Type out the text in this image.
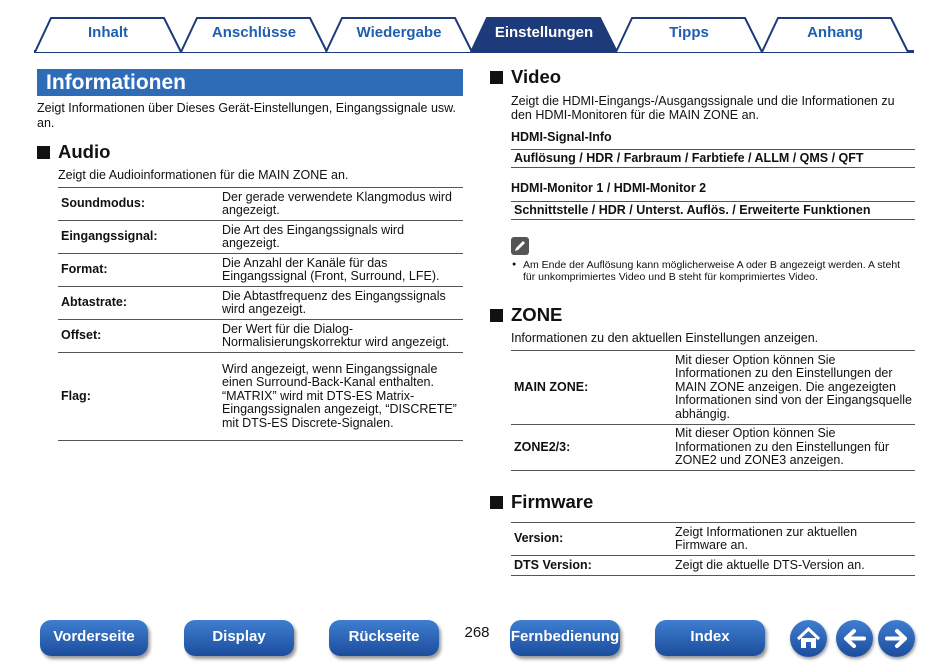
Inhalt	Anschlüsse	Wiedergabe	Einstellungen	Tipps	Anhang
Informationen

Zeigt Informationen über Dieses Gerät-Einstellungen, Eingangssignale usw. an.

Audio

Zeigt die Audioinformationen für die MAIN ZONE an.

Soundmodus:	Der gerade verwendete Klangmodus wird angezeigt.
Eingangssignal:	Die Art des Eingangssignals wird angezeigt.
Format:	Die Anzahl der Kanäle für das Eingangssignal (Front, Surround, LFE).
Abtastrate:	Die Abtastfrequenz des Eingangssignals wird angezeigt.
Offset:	Der Wert für die Dialog-Normalisierungskorrektur wird angezeigt.
Flag:	Wird angezeigt, wenn Eingangssignale einen Surround-Back-Kanal enthalten. “MATRIX” wird mit DTS-ES Matrix-Eingangssignalen angezeigt, “DISCRETE” mit DTS-ES Discrete-Signalen.
Video

Zeigt die HDMI-Eingangs-/Ausgangssignale und die Informationen zu den HDMI-Monitoren für die MAIN ZONE an.

HDMI-Signal-Info
Auflösung / HDR / Farbraum / Farbtiefe / ALLM / QMS / QFT
HDMI-Monitor 1 / HDMI-Monitor 2
Schnittstelle / HDR / Unterst. Auflös. / Erweiterte Funktionen

● Am Ende der Auflösung kann möglicherweise A oder B angezeigt werden. A steht für unkomprimiertes Video und B steht für komprimiertes Video.

ZONE

Informationen zu den aktuellen Einstellungen anzeigen.

MAIN ZONE:	Mit dieser Option können Sie Informationen zu den Einstellungen der MAIN ZONE anzeigen. Die angezeigten Informationen sind von der Eingangsquelle abhängig.
ZONE2/3:	Mit dieser Option können Sie Informationen zu den Einstellungen für ZONE2 und ZONE3 anzeigen.
Firmware
Version:	Zeigt Informationen zur aktuellen Firmware an.
DTS Version:	Zeigt die aktuelle DTS-Version an.
Vorderseite	Display	Rückseite	268 Fernbedienung	Index
